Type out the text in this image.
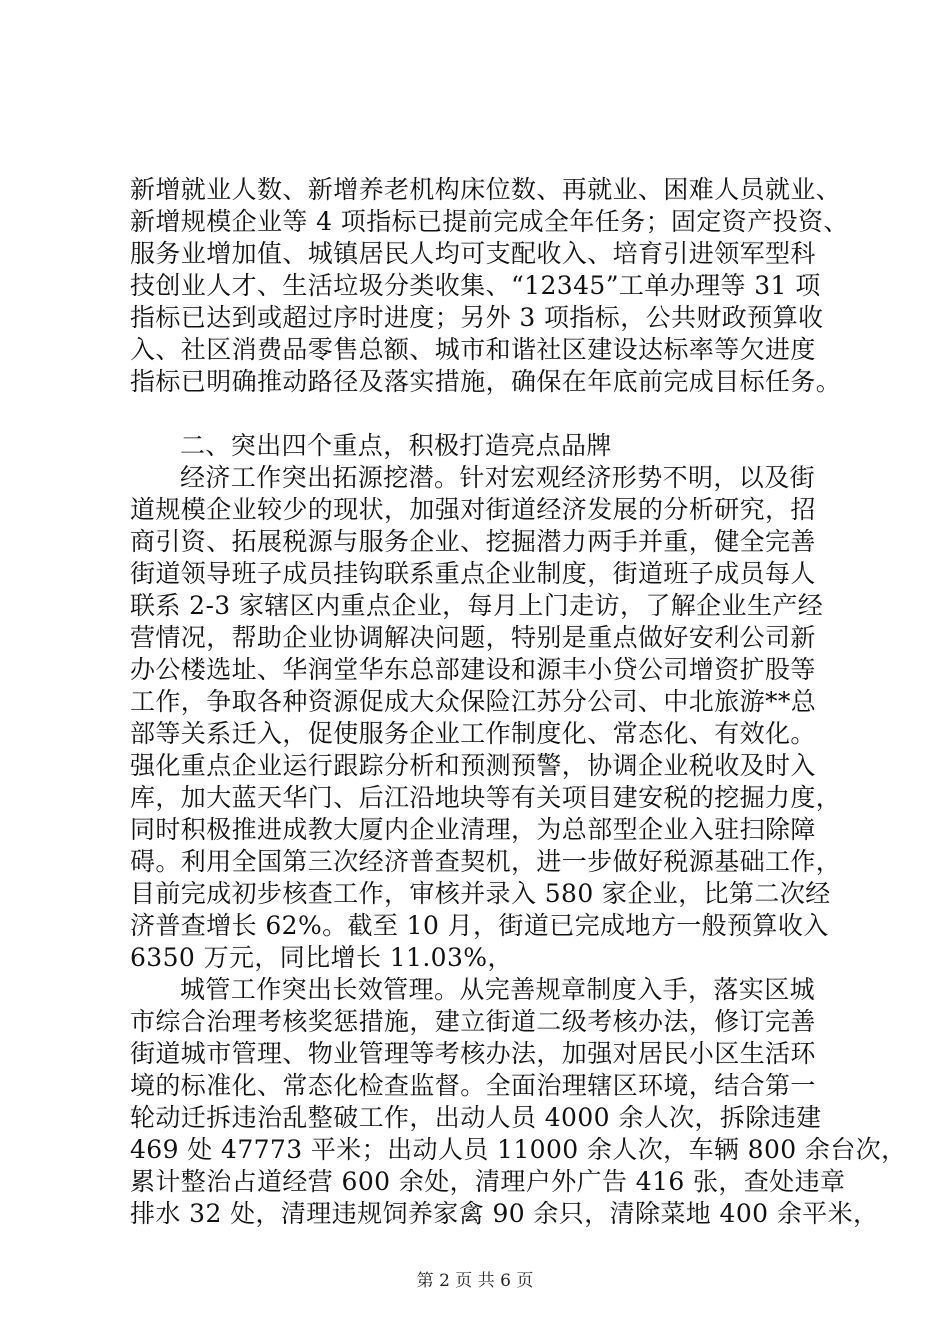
新增就业人数、新增养老机构床位数、再就业、困难人员就业、
新增规模企业等 4 项指标已提前完成全年任务；固定资产投资、
服务业增加值、城镇居民人均可支配收入、培育引进领军型科
技创业人才、生活垃圾分类收集、“12345”工单办理等 31 项
指标已达到或超过序时进度；另外 3 项指标，公共财政预算收
入、社区消费品零售总额、城市和谐社区建设达标率等欠进度
指标已明确推动路径及落实措施，确保在年底前完成目标任务。
二、突出四个重点，积极打造亮点品牌
经济工作突出拓源挖潜。针对宏观经济形势不明，以及街
道规模企业较少的现状，加强对街道经济发展的分析研究，招
商引资、拓展税源与服务企业、挖掘潜力两手并重，健全完善
街道领导班子成员挂钩联系重点企业制度，街道班子成员每人
联系 2-3 家辖区内重点企业，每月上门走访，了解企业生产经
营情况，帮助企业协调解决问题，特别是重点做好安利公司新
办公楼选址、华润堂华东总部建设和源丰小贷公司增资扩股等
工作，争取各种资源促成大众保险江苏分公司、中北旅游**总
部等关系迁入，促使服务企业工作制度化、常态化、有效化。
强化重点企业运行跟踪分析和预测预警，协调企业税收及时入
库，加大蓝天华门、后江沿地块等有关项目建安税的挖掘力度，
同时积极推进成教大厦内企业清理，为总部型企业入驻扫除障
碍。利用全国第三次经济普查契机，进一步做好税源基础工作，
目前完成初步核查工作，审核并录入 580 家企业，比第二次经
济普查增长 62%。截至 10 月，街道已完成地方一般预算收入
6350 万元，同比增长 11.03%，
城管工作突出长效管理。从完善规章制度入手，落实区城
市综合治理考核奖惩措施，建立街道二级考核办法，修订完善
街道城市管理、物业管理等考核办法，加强对居民小区生活环
境的标准化、常态化检查监督。全面治理辖区环境，结合第一
轮动迁拆违治乱整破工作，出动人员 4000 余人次，拆除违建
469 处 47773 平米；出动人员 11000 余人次，车辆 800 余台次，
累计整治占道经营 600 余处，清理户外广告 416 张，查处违章
排水 32 处，清理违规饲养家禽 90 余只，清除菜地 400 余平米，
第 2 页 共 6 页
